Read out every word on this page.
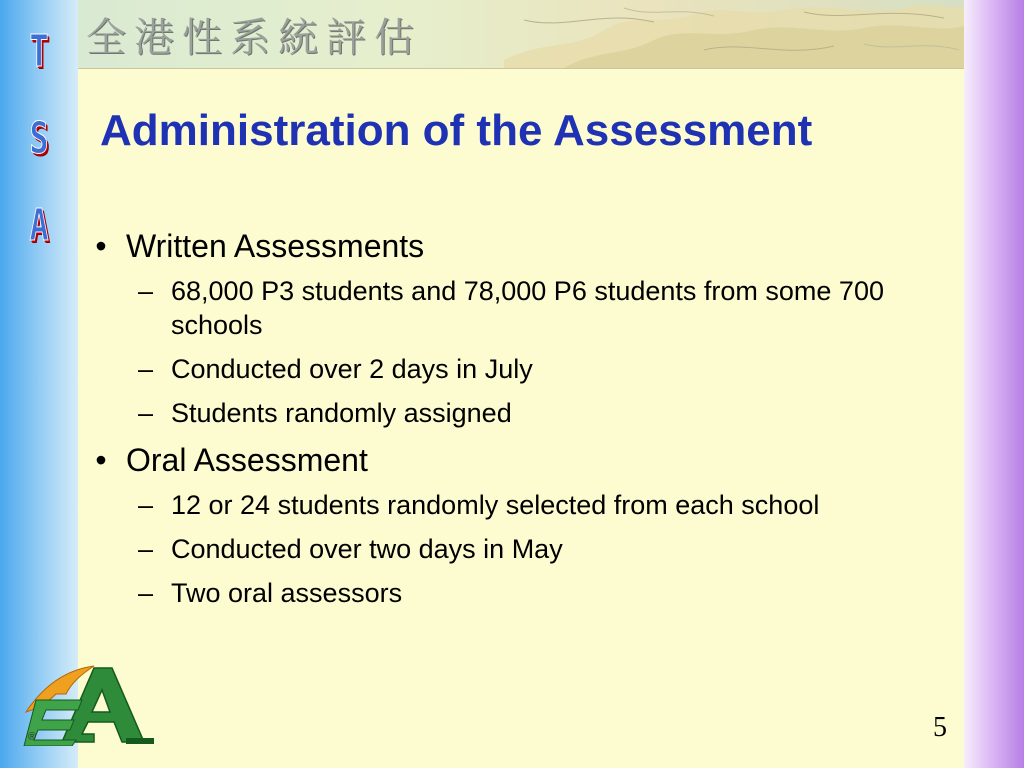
全港性系統評估
T
S
A
Administration of the Assessment
• Written Assessments
– 68,000 P3 students and 78,000 P6 students from some 700 schools
– Conducted over 2 days in July
– Students randomly assigned
• Oral Assessment
– 12 or 24 students randomly selected from each school
– Conducted over two days in May
– Two oral assessors
®	5
